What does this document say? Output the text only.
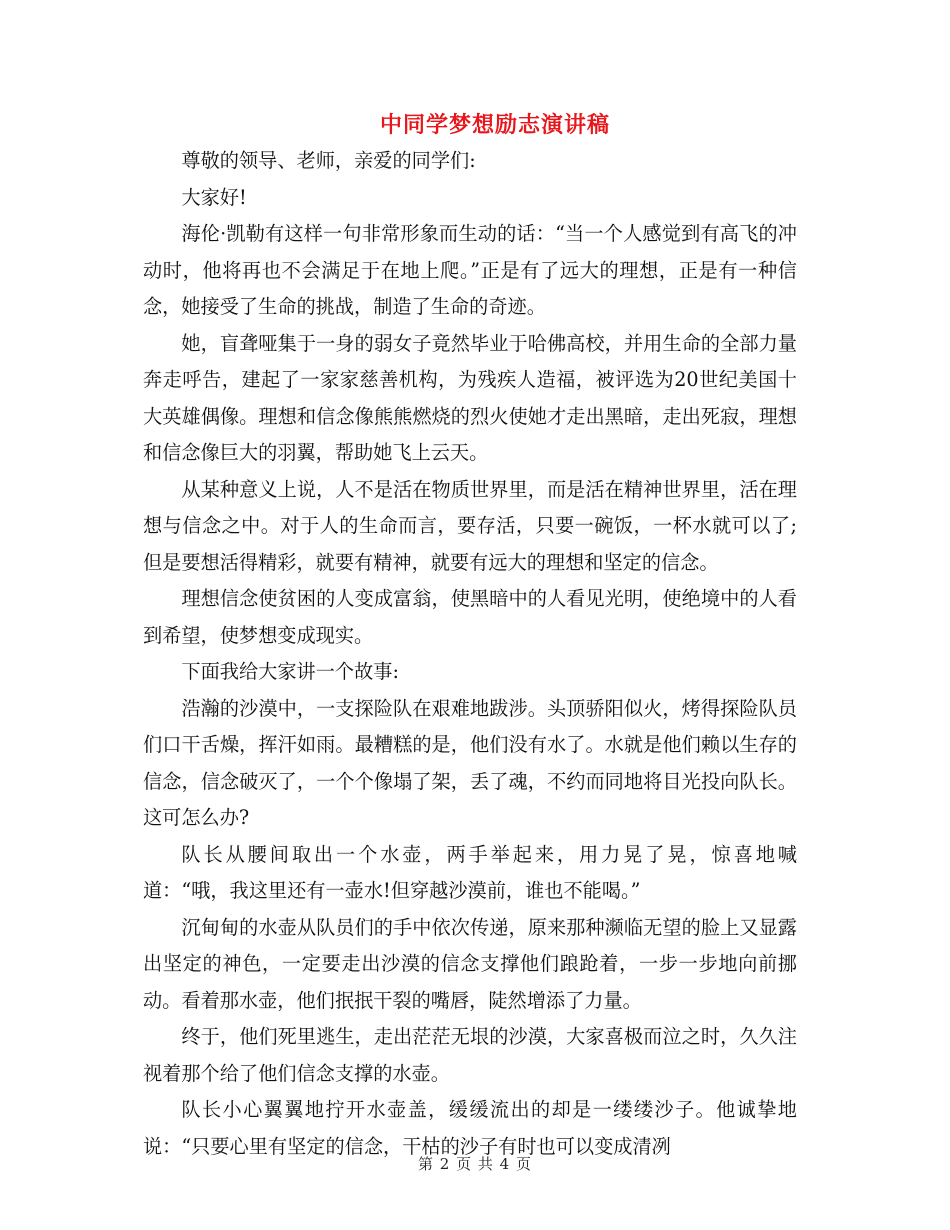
中同学梦想励志演讲稿

尊敬的领导、老师，亲爱的同学们:

大家好!

海伦·凯勒有这样一句非常形象而生动的话：“当一个人感觉到有高飞的冲动时，他将再也不会满足于在地上爬。”正是有了远大的理想，正是有一种信念，她接受了生命的挑战，制造了生命的奇迹。

她，盲聋哑集于一身的弱女子竟然毕业于哈佛高校，并用生命的全部力量奔走呼告，建起了一家家慈善机构，为残疾人造福，被评选为20世纪美国十大英雄偶像。理想和信念像熊熊燃烧的烈火使她才走出黑暗，走出死寂，理想和信念像巨大的羽翼，帮助她飞上云天。

从某种意义上说，人不是活在物质世界里，而是活在精神世界里，活在理想与信念之中。对于人的生命而言，要存活，只要一碗饭，一杯水就可以了;但是要想活得精彩，就要有精神，就要有远大的理想和坚定的信念。

理想信念使贫困的人变成富翁，使黑暗中的人看见光明，使绝境中的人看到希望，使梦想变成现实。

下面我给大家讲一个故事:

浩瀚的沙漠中，一支探险队在艰难地跋涉。头顶骄阳似火，烤得探险队员们口干舌燥，挥汗如雨。最糟糕的是，他们没有水了。水就是他们赖以生存的信念，信念破灭了，一个个像塌了架，丢了魂，不约而同地将目光投向队长。这可怎么办?

队长从腰间取出一个水壶，两手举起来，用力晃了晃，惊喜地喊道：“哦，我这里还有一壶水!但穿越沙漠前，谁也不能喝。”

沉甸甸的水壶从队员们的手中依次传递，原来那种濒临无望的脸上又显露出坚定的神色，一定要走出沙漠的信念支撑他们踉跄着，一步一步地向前挪动。看着那水壶，他们抿抿干裂的嘴唇，陡然增添了力量。

终于，他们死里逃生，走出茫茫无垠的沙漠，大家喜极而泣之时，久久注视着那个给了他们信念支撑的水壶。

队长小心翼翼地拧开水壶盖，缓缓流出的却是一缕缕沙子。他诚挚地说：“只要心里有坚定的信念，干枯的沙子有时也可以变成清冽

第 2 页 共 4 页
